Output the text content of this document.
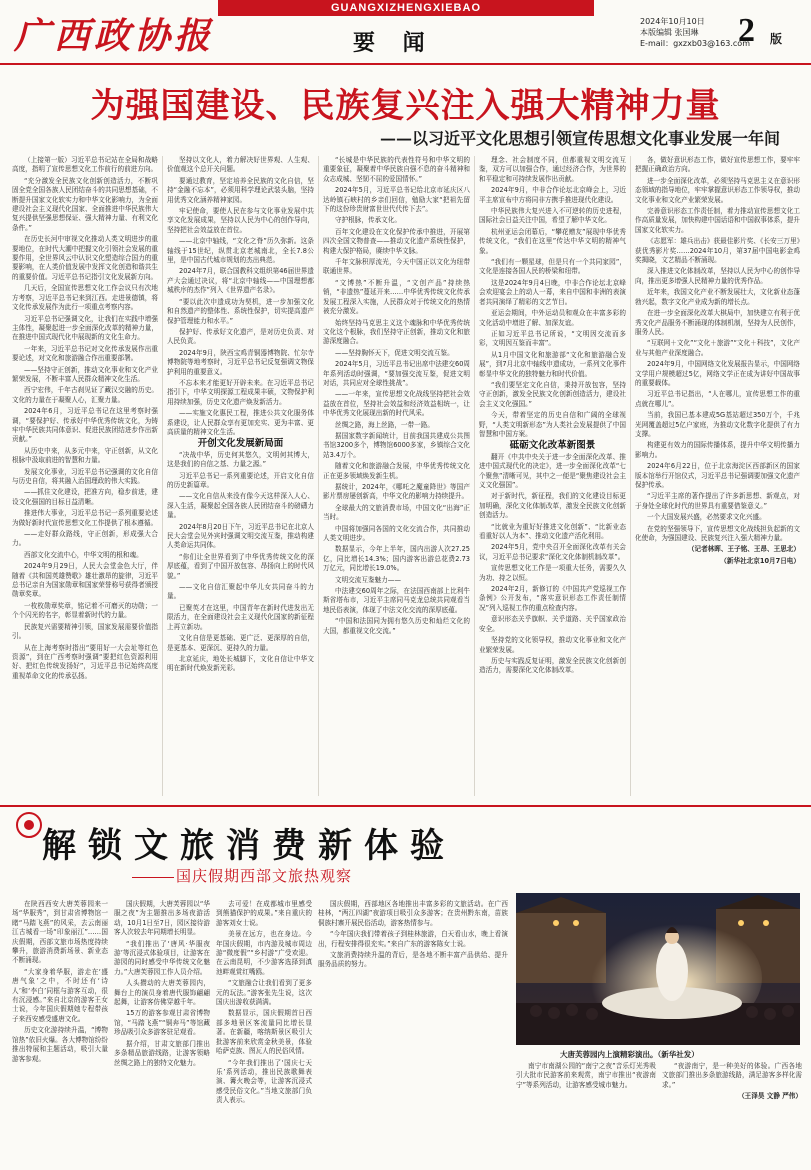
广西政协报
GUANGXIZHENGXIEBAO
要 闻
2024年10月10日
本版编辑 张国琳
E-mail：gxzxb03@163.com
2 版
为强国建设、民族复兴注入强大精神力量
——以习近平文化思想引领宣传思想文化事业发展一年间

（上接第一版）习近平总书记站在全局和战略高度，指明了宣传思想文化工作前行的前进方向。

“充分激发全民族文化创新创造活力，不断巩固全党全国各族人民团结奋斗的共同思想基础，不断提升国家文化软实力和中华文化影响力，为全面建设社会主义现代化国家、全面推进中华民族伟大复兴提供坚强思想保证、强大精神力量、有利文化条件。”

在历史长河中审视文化推动人类文明进步的重要地位，在时代大潮中把握文化引领社会发展的重要作用，全世界风云中认识文化塑造综合国力的重要影响，在人类价值发展中发挥文化创造和谐共生的重要价值。习近平总书记指引文化发展新方向。

几天后，全国宣传思想文化工作会议只有次地方考察，习近平总书记来到江西。走进景德镇，将文化传承发展作为此行一项重点考察内容。

习近平总书记强调文化，让我们在实践中增强主体性，凝聚起进一步全面深化改革的精神力量，在推进中国式现代化中展现新的文化生命力。

一年来，习近平总书记对文化传承发展作出重要论述，对文化和旅游融合作出重要部署。

——坚持守正创新，推动文化事业和文化产业繁荣发展，不断丰富人民群众精神文化生活。

西宁宏伟，千年古刹见证了藏汉交融的历史。文化的力量在于凝聚人心，汇聚力量。

2024年6月，习近平总书记在这里考察时强调，“要保护好、传承好中华优秀传统文化，为铸牢中华民族共同体意识、促进民族团结进步作出新贡献。”

从历史中来，从多元中来，守正创新，从文化根脉中汲取前进的智慧和力量。

发展文化事业，习近平总书记强调的文化自信与历史自信，将其融入治国理政的伟大实践。

——抓住文化建设，把准方向，稳步前进，建设文化强国的目标日益清晰。

推进伟大事业，习近平总书记一系列重要论述为做好新时代宣传思想文化工作提供了根本遵循。

——走好群众路线，守正创新，形成强大合力。

西部文化交流中心，中华文明的根和魂。

2024年9月29日，人民大会堂金色大厅，伴随着《共和国英雄赞歌》雄壮激昂的旋律，习近平总书记亲自为国家勋章和国家荣誉称号获得者颁授勋章奖章。

一枚枚勋章奖章，铭记着不可磨灭的功勋；一个个闪光的名字，彰显着新时代的力量。

民族复兴需要精神引领，国家发展需要价值指引。

从在上海考察时指出“要用好一大会址等红色资源”，到在广西考察时强调“要把红色资源利用好、把红色传统发扬好”，习近平总书记始终高度重视革命文化的传承弘扬。

坚持以文化人，着力解决好世界观、人生观、价值观这个总开关问题。

要通过教育，坚定培养全民族的文化自信，坚持“金融不忘本”，必须用科学理论武装头脑，坚持用优秀文化涵养精神家园。

牢记使命，要使人民在参与文化事业发展中共享文化发展成果，坚持以人民为中心的创作导向，坚持把社会效益放在首位。

——北京中轴线，“文化之脊”历久弥新。这条轴线于15世纪，纵贯北京老城南北，全长7.8公里，是中国古代城市规划的杰出典范。

2024年7月，联合国教科文组织第46届世界遗产大会通过决议，将“北京中轴线——中国理想都城秩序的杰作”列入《世界遗产名录》。

“要以此次申遗成功为契机，进一步加强文化和自然遗产的整体性、系统性保护，切实提高遗产保护管理能力和水平。”

保护好、传承好文化遗产，是对历史负责、对人民负责。

2024年9月，陕西宝鸡青铜器博物院、忙尔寺博物院等地考察时，习近平总书记反复强调文物保护利用的重要意义。

不忘本来才能更好开辟未来。在习近平总书记指引下，中华文明探源工程成果丰硕，文物保护利用持续加强，历史文化遗产焕发新活力。

——实施文化惠民工程，推进公共文化服务体系建设，让人民群众享有更加充实、更为丰富、更高质量的精神文化生活。

开创文化发展新局面

“决战中华，历史何其悠久，文明何其博大，这是我们的自信之基、力量之源。”

习近平总书记一系列重要论述，开启文化自信的历史新篇章。

——文化自信从来没有像今天这样深入人心、深入生活，凝聚起全国各族人民团结奋斗的磅礴力量。

2024年8月20日下午，习近平总书记在北京人民大会堂会见外宾时强调文明交流互鉴，推动构建人类命运共同体。

“你们让全世界看到了中华优秀传统文化的深厚底蕴，看到了中国开放包容、昂扬向上的时代风貌。”

——文化自信汇聚起中华儿女共同奋斗的力量。

已聚英才在这里，中国青年在新时代进发出无限活力，在全面建设社会主义现代化国家的新征程上再立新功。

文化自信是更基础、更广泛、更深厚的自信，是更基本、更深沉、更持久的力量。

北京延庆，地处长城脚下，文化自信让中华文明在新时代焕发新光彩。

“长城是中华民族的代表性符号和中华文明的重要象征，凝聚着中华民族自强不息的奋斗精神和众志成城、坚韧不屈的爱国情怀。”

2024年5月，习近平总书记给北京市延庆区八达岭镇石峡村的乡亲们回信，勉励大家“把祖先留下的这份珍贵财富世世代代传下去”。

守护根脉，传承文化。

百年文化建设在文化保护传承中推进，开展第四次全国文物普查——推动文化遗产系统性保护，构建大保护格局，赓续中华文脉。

千年文脉积厚流光，今天中国正以文化为纽带联通世界。

“文博热”不断升温，“文创产品”持续热销，“非遗热”蔓延开来……中华优秀传统文化传承发展工程深入实施，人民群众对于传统文化的热情被充分激发。

始终坚持马克思主义这个魂脉和中华优秀传统文化这个根脉，我们坚持守正创新，推动文化和旅游深度融合。

——坚持胸怀天下，促进文明交流互鉴。

2024年5月，习近平总书记出席中法建交60周年系列活动时强调，“要加强交流互鉴，促进文明对话，共同应对全球性挑战”。

——一年来，宣传思想文化战线坚持把社会效益放在首位，坚持社会效益和经济效益相统一，让中华优秀文化展现出新的时代风采。

丝绸之路，海上丝路，一带一路。

据国家数字新闻统计，目前我国共建成公共图书馆3200多个，博物馆6000多家，乡镇综合文化站3.4万个。

随着文化和旅游融合发展，中华优秀传统文化正在更多领域焕发新生机。

据统计，2024年，《哪吒之魔童降世》等国产影片票房屡创新高，中华文化的影响力持续提升。

全球最大的文旅消费市场，中国文化“出海”正当时。

中国将加强同各国的文化交流合作，共同推动人类文明进步。

数据显示，今年上半年，国内出游人次27.25亿，同比增长14.3%；国内游客出游总花费2.73万亿元，同比增长19.0%。

文明交流互鉴魅力——

中法建交60周年之际，在法国西南部上比利牛斯省塔布市，习近平主席同马克龙总统共同观看当地民俗表演，体现了中法文化交流的深厚底蕴。

“中国和法国同为拥有悠久历史和灿烂文化的大国，都重视文化交流。”

理念、社会制度不同，但都重视文明交流互鉴，双方可以加强合作，通过经济合作，为世界的和平稳定和可持续发展作出贡献。

2024年9月，中非合作论坛北京峰会上，习近平主席宣布中方将同非方携手推进现代化建设。

中华民族伟大复兴进入不可逆转的历史进程，国际社会日益关注中国，希望了解中华文化。

杭州亚运会闭幕后，“攀花赠友”展现中华优秀传统文化，“我们在这里”传达中华文明的精神气象。

“我们有一颗星球，但是只有一个共同家园”，文化是连接各国人民的桥梁和纽带。

这是2024年9月4日晚，中非合作论坛北京峰会欢迎宴会上的动人一幕，来自中国和非洲的表演者共同演绎了精彩的文艺节目。

亚运会期间，中外运动员和观众在丰富多彩的文化活动中增进了解、加深友谊。

正如习近平总书记所说，“文明因交流而多彩，文明因互鉴而丰富”。

从1月中国文化和旅游部“文化和旅游融合发展”，到7月北京中轴线申遗成功，一系列文化事件彰显中华文化的独特魅力和时代价值。

“我们要坚定文化自信，秉持开放包容，坚持守正创新，激发全民族文化创新创造活力，建设社会主义文化强国。”

今天，带着坚定的历史自信和广阔的全球视野，“人类文明新形态”为人类社会发展提供了中国智慧和中国方案。

砥砺文化改革新图景

翻开《中共中央关于进一步全面深化改革、推进中国式现代化的决定》，进一步全面深化改革“七个聚焦”清晰可见，其中之一便是“聚焦建设社会主义文化强国”。

对于新时代，新征程，我们的文化建设目标更加明确，深化文化体制改革，激发全民族文化创新创造活力。

“比就业为重好好推进文化创新”、“比新业态看重好以人为本”、推动文化遗产活化利用。

2024年5月，党中央召开全面深化改革有关会议，习近平总书记要求“深化文化体制机制改革”。

宣传思想文化工作是一项重大任务，需要久久为功、持之以恒。

2024年2月，新修订的《中国共产党巡视工作条例》公开发布，“落实意识形态工作责任制情况”列入巡视工作的重点检查内容。

意识形态关乎旗帜、关乎道路、关乎国家政治安全。

坚持党的文化领导权，推动文化事业和文化产业繁荣发展。

历史与实践反复证明，激发全民族文化创新创造活力，需要深化文化体制改革。

各，做好意识形态工作，做好宣传思想工作，要牢牢把握正确政治方向。

进一步全面深化改革，必须坚持马克思主义在意识形态领域的指导地位，牢牢掌握意识形态工作领导权，推动文化事业和文化产业繁荣发展。

完善意识形态工作责任制，着力推动宣传思想文化工作高质量发展，加快构建中国话语和中国叙事体系，提升国家文化软实力。

《志愿军：雄兵出击》获最佳影片奖、《长安三万里》获优秀影片奖……2024年10月，第37届中国电影金鸡奖揭晓，文艺精品不断涌现。

深入推进文化体制改革，坚持以人民为中心的创作导向，推出更多增强人民精神力量的优秀作品。

近年来，我国文化产业不断发展壮大，文化新业态蓬勃兴起，数字文化产业成为新的增长点。

在进一步全面深化改革大棋局中，加快建立有利于优秀文化产品服务不断涌现的体制机制，坚持为人民创作，服务人民。

“互联网＋文化”“文化＋旅游”“文化＋科技”，文化产业与其他产业深度融合。

2024年9月，中国网络文化发展报告显示，中国网络文学用户规模超过5亿，网络文学正在成为讲好中国故事的重要载体。

习近平总书记指出，“人在哪儿，宣传思想工作的重点就在哪儿”。

当前，我国已基本建成5G基站超过350万个，千兆光网覆盖超过5亿户家庭，为推动文化数字化提供了有力支撑。

构建更有效力的国际传播体系，提升中华文明传播力影响力。

2024年6月22日，位于北京海淀区西部新区的国家版本馆举行开馆仪式，习近平总书记强调要加强文化遗产保护传承。

“习近平主席的著作提出了许多新思想、新观点，对于身处全球化时代的世界具有重要借鉴意义。”

一个大国发展兴盛，必然要求文化兴盛。

在党的坚强领导下，宣传思想文化战线担负起新的文化使命，为强国建设、民族复兴注入强大精神力量。

（记者林晖、王子铭、王昂、王思北）

（新华社北京10月7日电）

解锁文旅消费新体验
国庆假期西部文旅热观察

在陕西西安大唐芙蓉园来一场“华服秀”，到甘肃省博物馆一睹“马踏飞燕”的风采，去云南丽江古城看一场“印象丽江”……国庆假期，西部文旅市场热度持续攀升，旅游消费新场景、新业态不断涌现。

“大家身着华服，游走在‘盛唐气象’之中，不时还有‘诗人’和‘李白’同框与游客互动，很有沉浸感。”来自北京的游客王女士说，今年国庆假期她专程带孩子来西安感受盛唐文化。

历史文化游持续升温，“博物馆热”依旧火爆。各大博物馆纷纷推出特展和主题活动，吸引大量游客参观。

国庆假期，大唐芙蓉园以“华服之夜”为主题推出多场夜游活动，10月1日至7日，园区接待游客人次较去年同期增长明显。

“我们推出了‘唐风·华服夜游’等沉浸式体验项目，让游客在游园的同时感受中华传统文化魅力。”大唐芙蓉园工作人员介绍。

人头攒动的大唐芙蓉园内，舞台上的演员身着唐代服饰翩翩起舞，让游客仿佛穿越千年。

15万的游客参观甘肃省博物馆，“马踏飞燕”“铜奔马”等馆藏珍品吸引众多游客驻足观看。

据介绍，甘肃文旅部门推出多条精品旅游线路，让游客领略丝绸之路上的独特文化魅力。

去可爱！在成都城市里感受到熊猫保护的成果。”来自重庆的游客刘女士说。

美景在远方，也在身边。今年国庆假期，市内游及城市周边游“微度假”“乡村游”广受欢迎。在云南昆明，不少游客选择到滇池畔观赏红嘴鸥。

“文旅融合让我们看到了更多元的玩法。”游客张先生说，这次国庆出游收获满满。

数据显示，国庆假期首日西部多地景区客流量同比增长显著。在新疆，喀纳斯景区吸引大批游客前来欣赏金秋美景，体验哈萨克族、图瓦人的民俗风情。

“今年我们推出了‘国庆七天乐’系列活动，推出民族歌舞表演、篝火晚会等，让游客沉浸式感受民俗文化。”当地文旅部门负责人表示。

国庆假期，西部地区各地推出丰富多彩的文旅活动。在广西桂林，“两江四湖”夜游项目吸引众多游客；在贵州黔东南，苗族侗族村寨开展民俗活动，游客热情参与。

“今年国庆我们带着孩子到桂林旅游，白天看山水，晚上看演出，行程安排得很充实。”来自广东的游客陈女士说。

文旅消费持续升温的背后，是各地不断丰富产品供给、提升服务品质的努力。

大唐芙蓉园内上演精彩演出。（新华社发）

南宁市南湖公园的“南宁之夜”音乐灯光秀吸引大批市民游客前来观赏，南宁市推出“夜游南宁”等系列活动，让游客感受城市魅力。

“夜游南宁，是一种美好的体验。广西各地文旅部门推出多条旅游线路，满足游客多样化需求。”

（王泽昊 文静 严伟）
